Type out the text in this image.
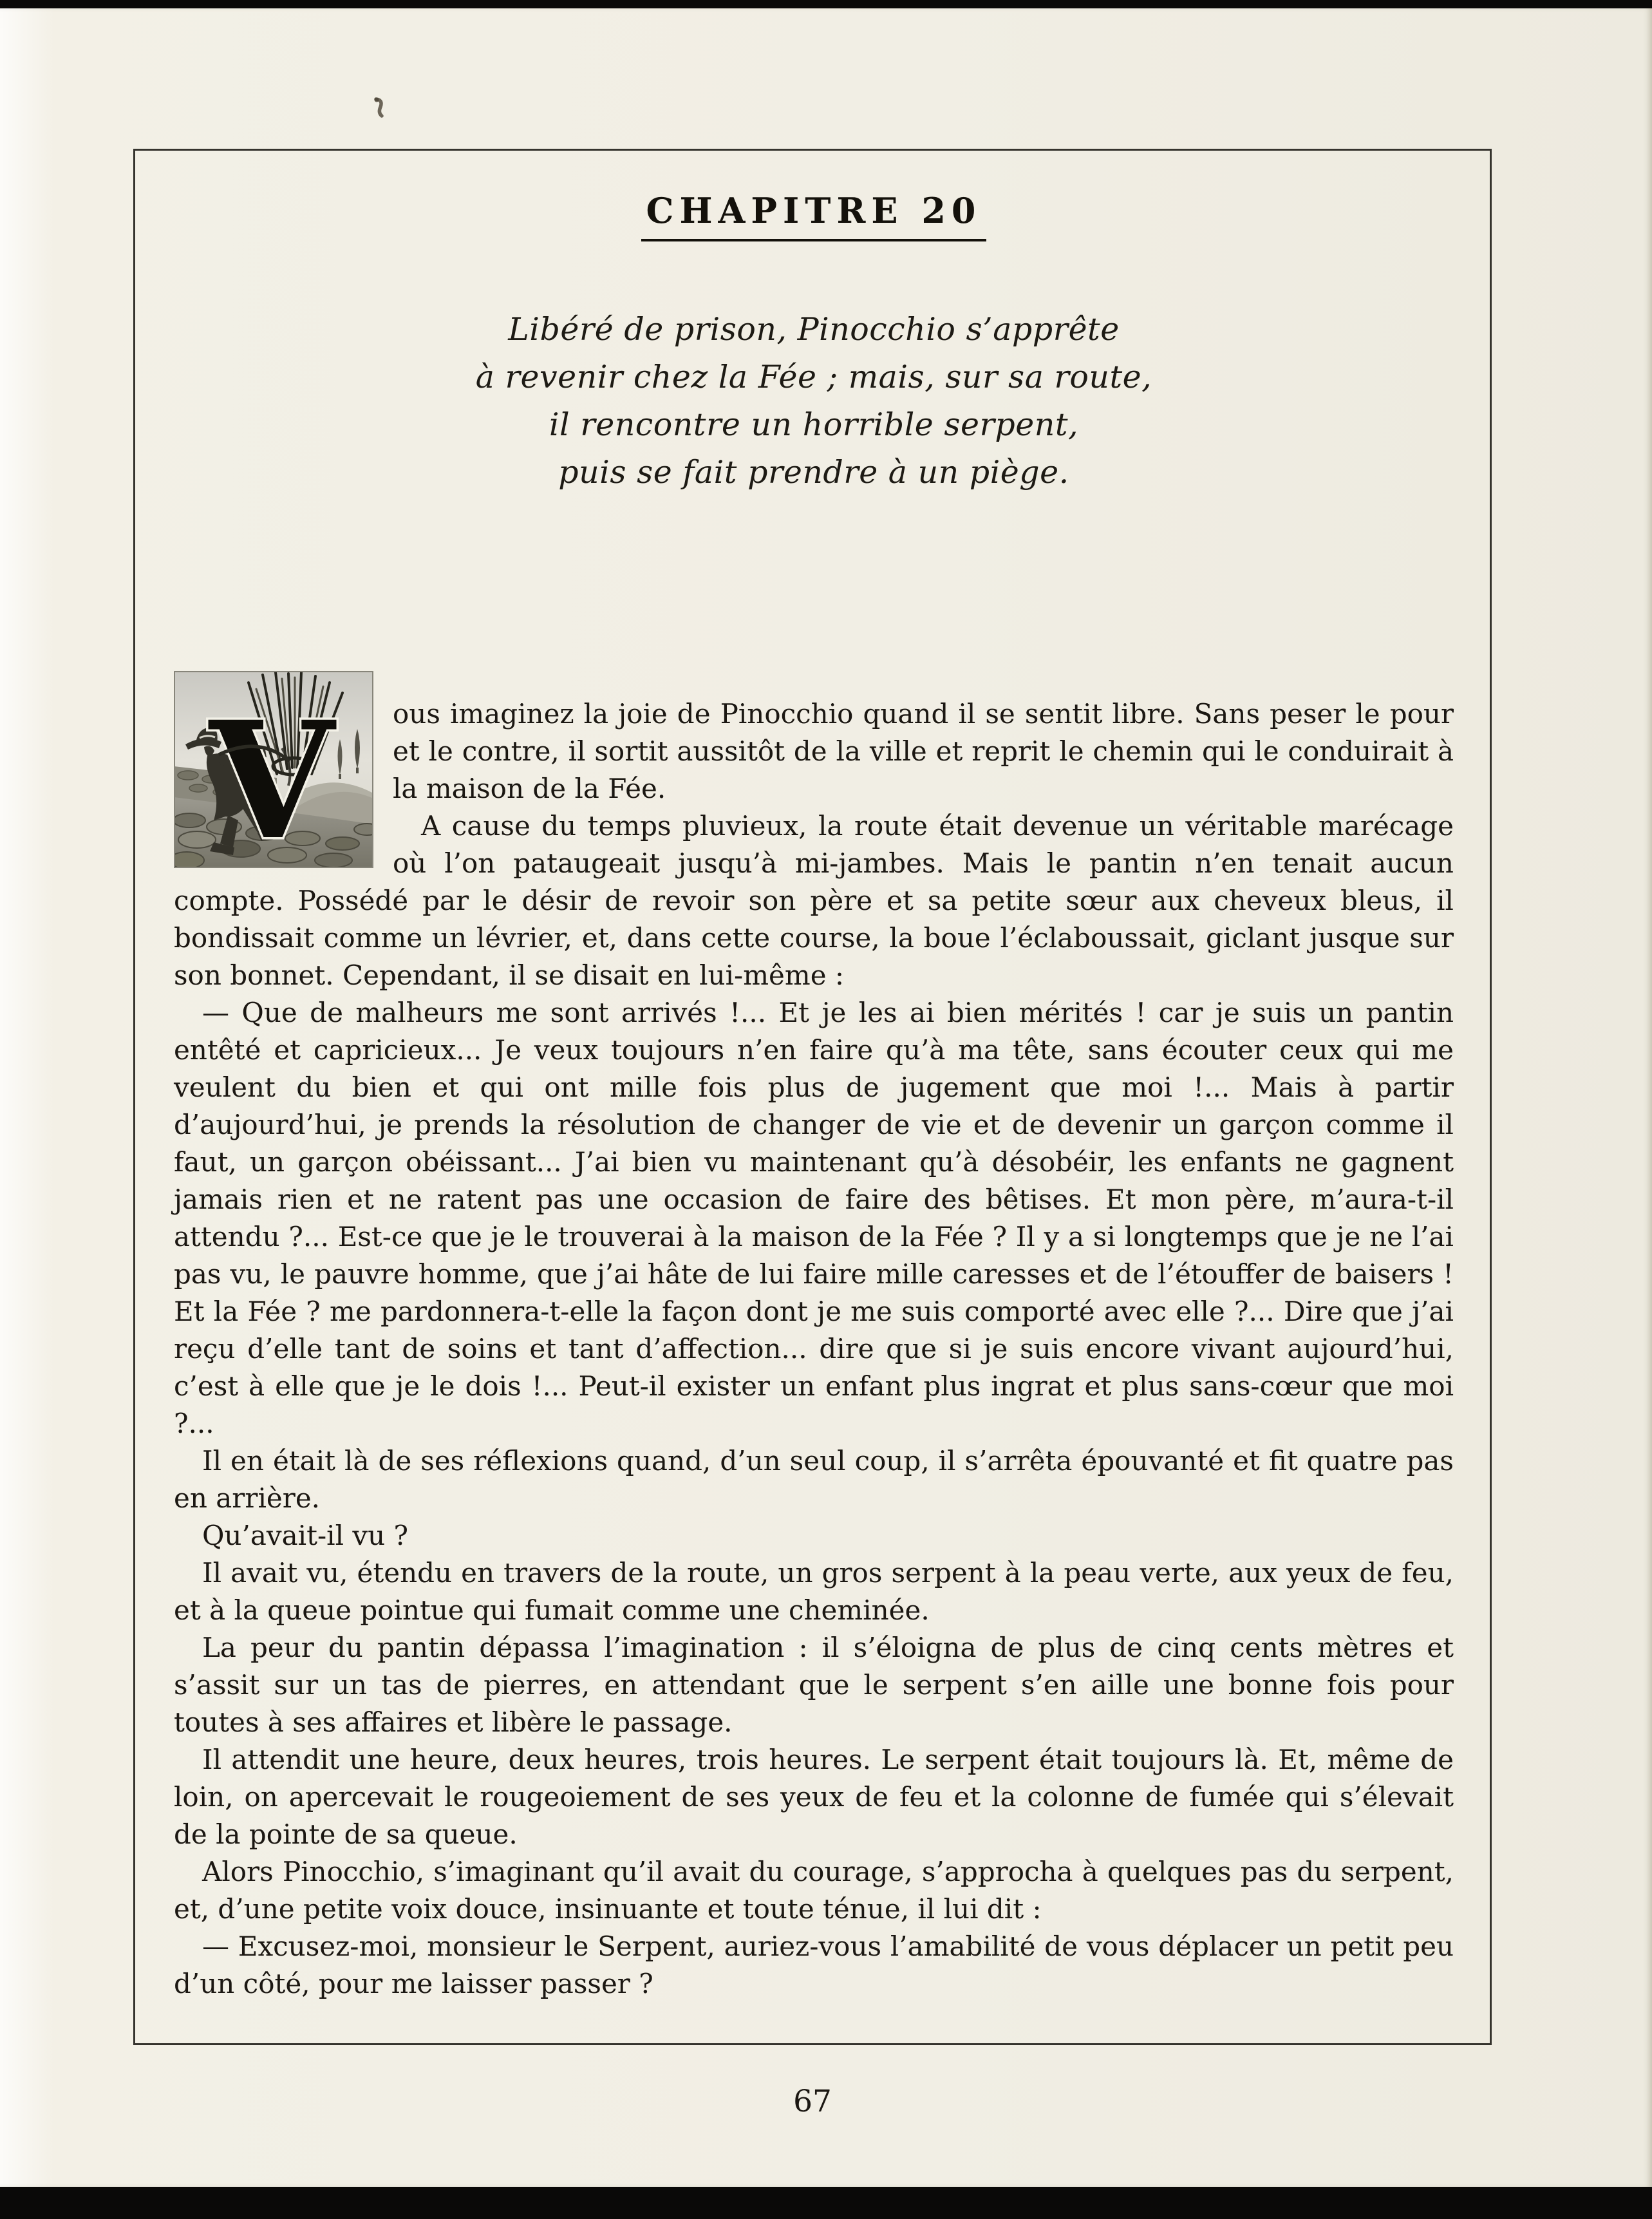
CHAPITRE 20
Libéré de prison, Pinocchio s’apprête
à revenir chez la Fée ; mais, sur sa route,
il rencontre un horrible serpent,
puis se fait prendre à un piège.
V	ous imaginez la joie de Pinocchio quand il se sentit libre. Sans peser le pour et le contre, il sortit aussitôt de la ville et reprit le chemin qui le conduirait à la maison de la Fée.

A cause du temps pluvieux, la route était devenue un véritable marécage où l’on pataugeait jusqu’à mi-jambes. Mais le pantin n’en tenait aucun compte. Possédé par le désir de revoir son père et sa petite sœur aux cheveux bleus, il bondissait comme un lévrier, et, dans cette course, la boue l’éclaboussait, giclant jusque sur son bonnet. Cependant, il se disait en lui-même :

— Que de malheurs me sont arrivés !... Et je les ai bien mérités ! car je suis un pantin entêté et capricieux... Je veux toujours n’en faire qu’à ma tête, sans écouter ceux qui me veulent du bien et qui ont mille fois plus de jugement que moi !... Mais à partir d’aujourd’hui, je prends la résolution de changer de vie et de devenir un garçon comme il faut, un garçon obéissant... J’ai bien vu maintenant qu’à désobéir, les enfants ne gagnent jamais rien et ne ratent pas une occasion de faire des bêtises. Et mon père, m’aura-t-il attendu ?... Est-ce que je le trouverai à la maison de la Fée ? Il y a si longtemps que je ne l’ai pas vu, le pauvre homme, que j’ai hâte de lui faire mille caresses et de l’étouffer de baisers ! Et la Fée ? me pardonnera-t-elle la façon dont je me suis comporté avec elle ?... Dire que j’ai reçu d’elle tant de soins et tant d’affection... dire que si je suis encore vivant aujourd’hui, c’est à elle que je le dois !... Peut-il exister un enfant plus ingrat et plus sans-cœur que moi ?...

Il en était là de ses réflexions quand, d’un seul coup, il s’arrêta épouvanté et fit quatre pas en arrière.

Qu’avait-il vu ?

Il avait vu, étendu en travers de la route, un gros serpent à la peau verte, aux yeux de feu, et à la queue pointue qui fumait comme une cheminée.

La peur du pantin dépassa l’imagination : il s’éloigna de plus de cinq cents mètres et s’assit sur un tas de pierres, en attendant que le serpent s’en aille une bonne fois pour toutes à ses affaires et libère le passage.

Il attendit une heure, deux heures, trois heures. Le serpent était toujours là. Et, même de loin, on apercevait le rougeoiement de ses yeux de feu et la colonne de fumée qui s’élevait de la pointe de sa queue.

Alors Pinocchio, s’imaginant qu’il avait du courage, s’approcha à quelques pas du serpent, et, d’une petite voix douce, insinuante et toute ténue, il lui dit :

— Excusez-moi, monsieur le Serpent, auriez-vous l’amabilité de vous déplacer un petit peu d’un côté, pour me laisser passer ?

67
